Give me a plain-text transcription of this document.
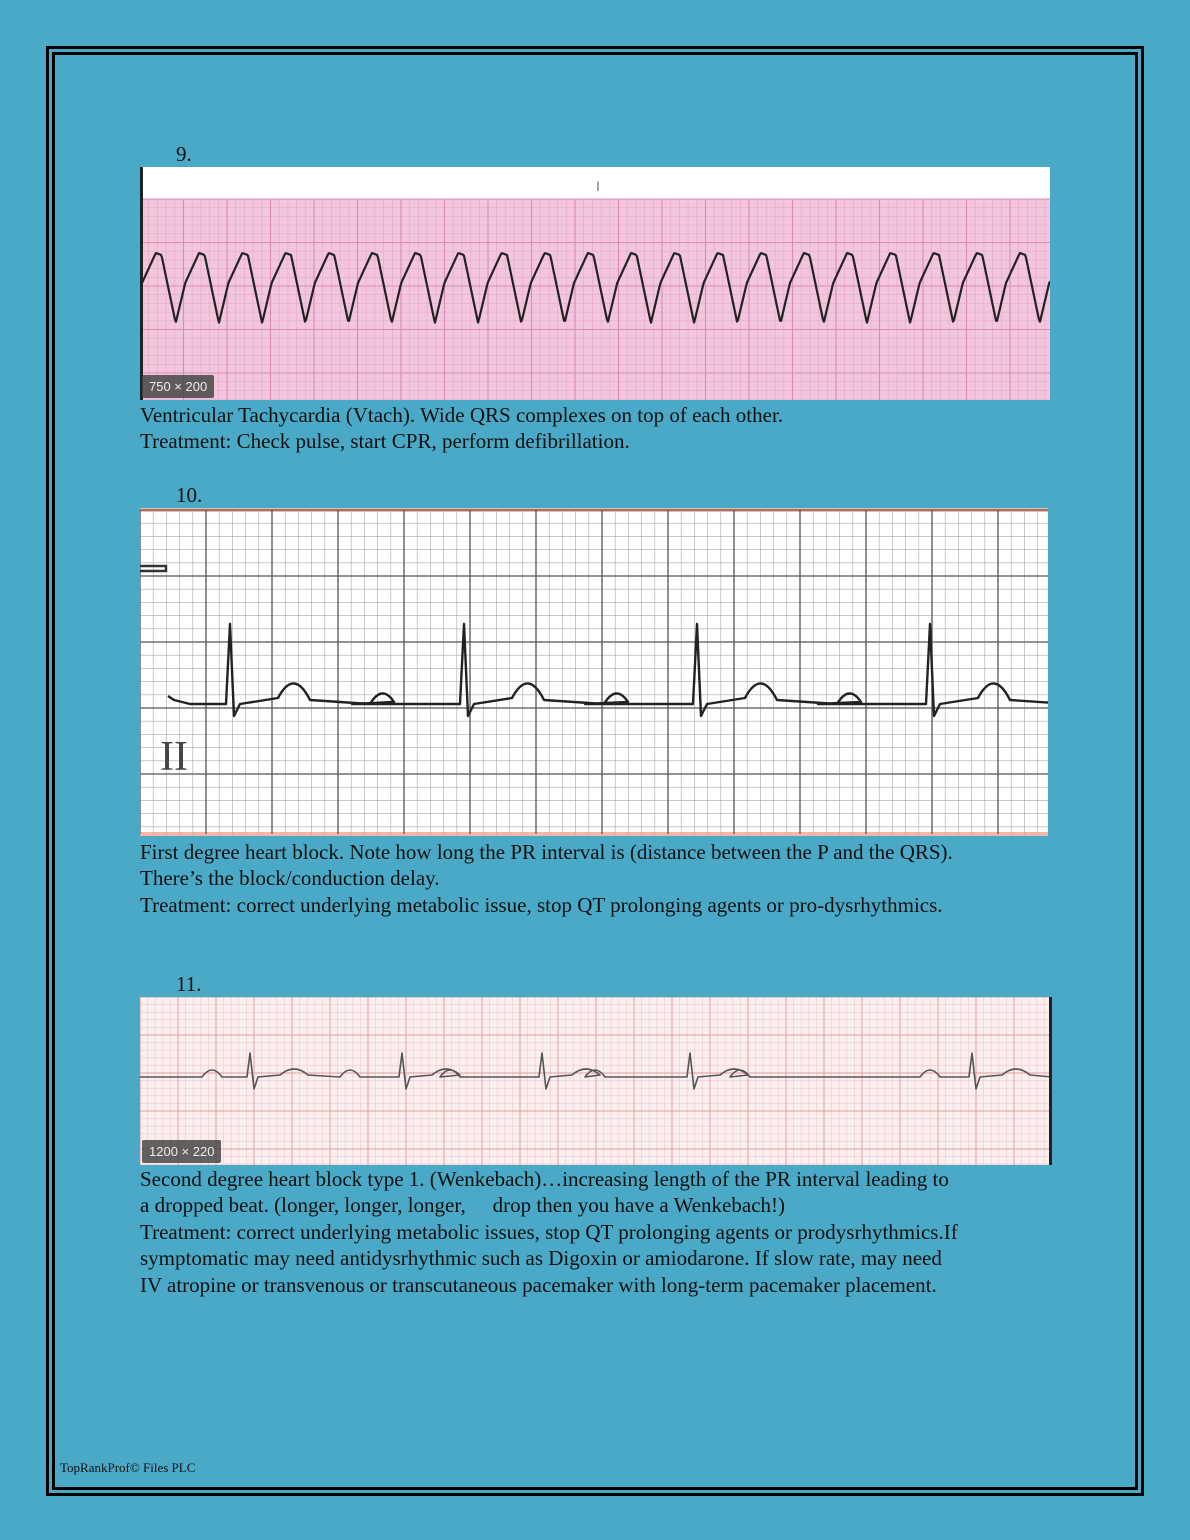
9.
I
750 × 200

Ventricular Tachycardia (Vtach). Wide QRS complexes on top of each other.

Treatment: Check pulse, start CPR, perform defibrillation.

10.
II

First degree heart block. Note how long the PR interval is (distance between the P and the QRS).

There’s the block/conduction delay.

Treatment: correct underlying metabolic issue, stop QT prolonging agents or pro-dysrhythmics.

11.
1200 × 220

Second degree heart block type 1. (Wenkebach)…increasing length of the PR interval leading to

a dropped beat. (longer, longer, longer,   drop then you have a Wenkebach!)

Treatment: correct underlying metabolic issues, stop QT prolonging agents or prodysrhythmics.If

symptomatic may need antidysrhythmic such as Digoxin or amiodarone. If slow rate, may need

IV atropine or transvenous or transcutaneous pacemaker with long-term pacemaker placement.

TopRankProf© Files PLC
